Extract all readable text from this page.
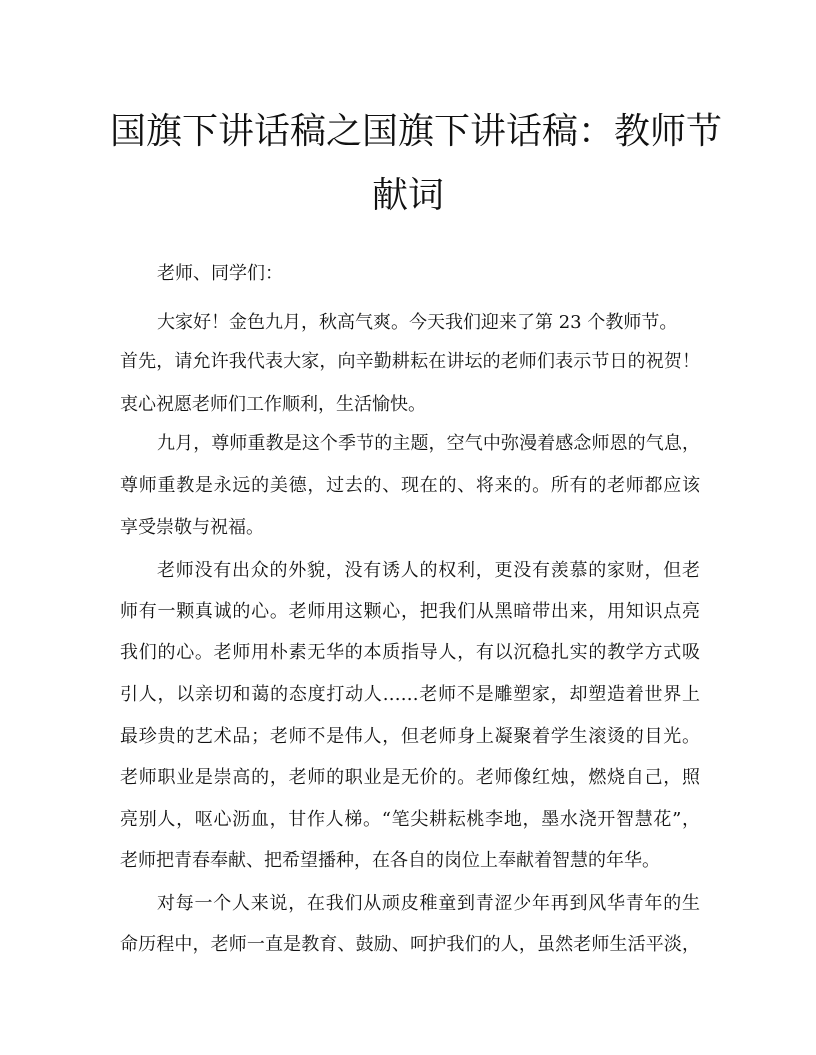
国旗下讲话稿之国旗下讲话稿：教师节
献词
老师、同学们：
大家好！金色九月，秋高气爽。今天我们迎来了第 23 个教师节。
首先，请允许我代表大家，向辛勤耕耘在讲坛的老师们表示节日的祝贺！
衷心祝愿老师们工作顺利，生活愉快。
九月，尊师重教是这个季节的主题，空气中弥漫着感念师恩的气息，
尊师重教是永远的美德，过去的、现在的、将来的。所有的老师都应该
享受崇敬与祝福。
老师没有出众的外貌，没有诱人的权利，更没有羡慕的家财，但老
师有一颗真诚的心。老师用这颗心，把我们从黑暗带出来，用知识点亮
我们的心。老师用朴素无华的本质指导人，有以沉稳扎实的教学方式吸
引人，以亲切和蔼的态度打动人……老师不是雕塑家，却塑造着世界上
最珍贵的艺术品；老师不是伟人，但老师身上凝聚着学生滚烫的目光。
老师职业是崇高的，老师的职业是无价的。老师像红烛，燃烧自己，照
亮别人，呕心沥血，甘作人梯。“笔尖耕耘桃李地，墨水浇开智慧花”，
老师把青春奉献、把希望播种，在各自的岗位上奉献着智慧的年华。
对每一个人来说，在我们从顽皮稚童到青涩少年再到风华青年的生
命历程中，老师一直是教育、鼓励、呵护我们的人，虽然老师生活平淡，
